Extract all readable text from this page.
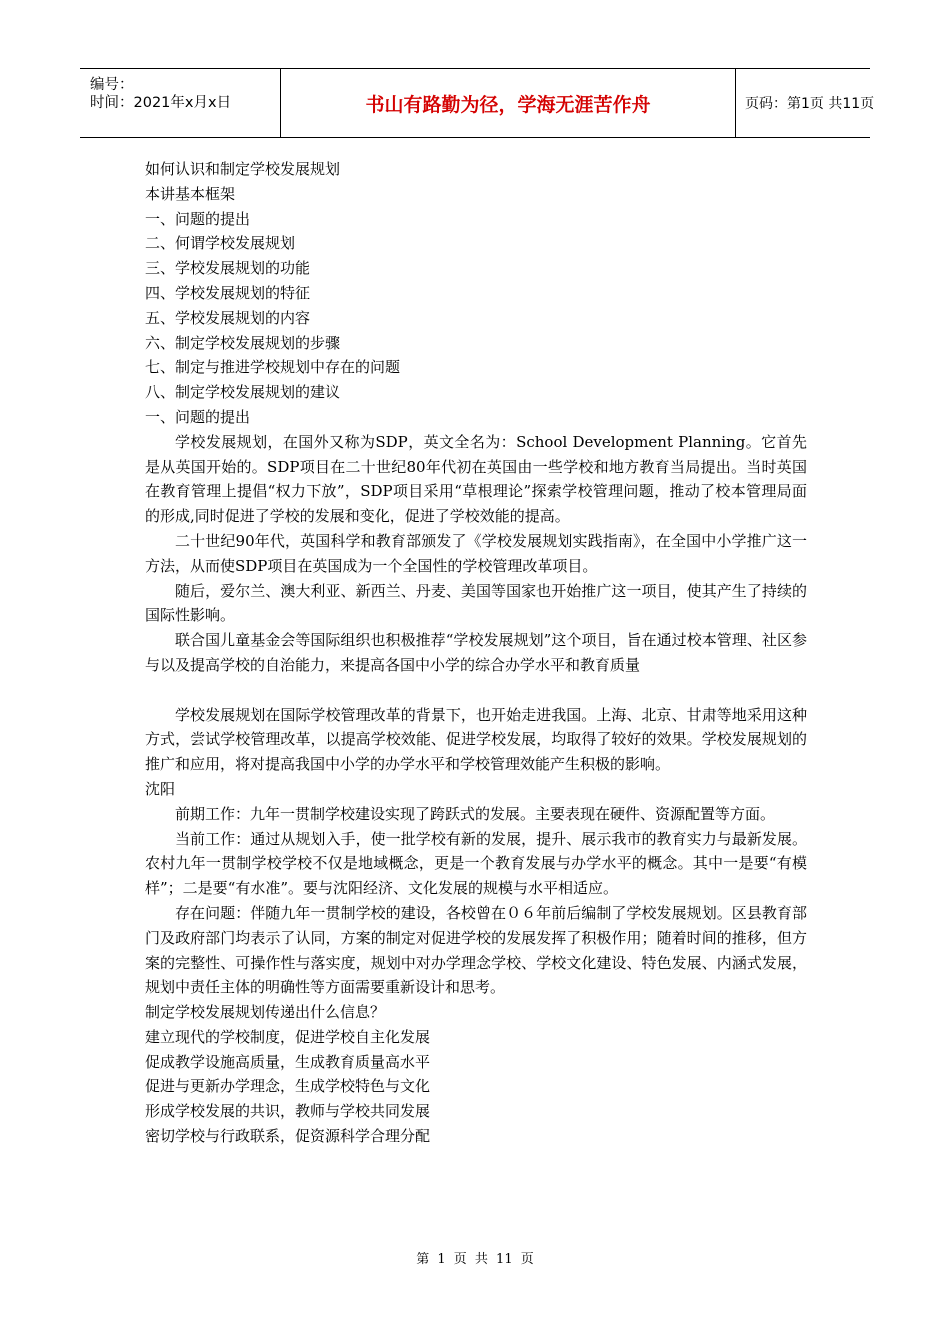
编号：
时间：2021年x月x日	书山有路勤为径，学海无涯苦作舟	页码：第1页 共11页

如何认识和制定学校发展规划

本讲基本框架

一、问题的提出

二、何谓学校发展规划

三、学校发展规划的功能

四、学校发展规划的特征

五、学校发展规划的内容

六、制定学校发展规划的步骤

七、制定与推进学校规划中存在的问题

八、制定学校发展规划的建议

一、问题的提出

学校发展规划，在国外又称为SDP，英文全名为：School Development Planning。它首先是从英国开始的。SDP项目在二十世纪80年代初在英国由一些学校和地方教育当局提出。当时英国在教育管理上提倡“权力下放”，SDP项目采用“草根理论”探索学校管理问题，推动了校本管理局面的形成,同时促进了学校的发展和变化，促进了学校效能的提高。

二十世纪90年代，英国科学和教育部颁发了《学校发展规划实践指南》，在全国中小学推广这一方法，从而使SDP项目在英国成为一个全国性的学校管理改革项目。

随后，爱尔兰、澳大利亚、新西兰、丹麦、美国等国家也开始推广这一项目，使其产生了持续的国际性影响。

联合国儿童基金会等国际组织也积极推荐“学校发展规划”这个项目，旨在通过校本管理、社区参与以及提高学校的自治能力，来提高各国中小学的综合办学水平和教育质量

学校发展规划在国际学校管理改革的背景下，也开始走进我国。上海、北京、甘肃等地采用这种方式，尝试学校管理改革，以提高学校效能、促进学校发展，均取得了较好的效果。学校发展规划的推广和应用，将对提高我国中小学的办学水平和学校管理效能产生积极的影响。

沈阳

前期工作：九年一贯制学校建设实现了跨跃式的发展。主要表现在硬件、资源配置等方面。

当前工作：通过从规划入手，使一批学校有新的发展，提升、展示我市的教育实力与最新发展。农村九年一贯制学校学校不仅是地域概念，更是一个教育发展与办学水平的概念。其中一是要“有模样”；二是要“有水准”。要与沈阳经济、文化发展的规模与水平相适应。

存在问题：伴随九年一贯制学校的建设，各校曾在０６年前后编制了学校发展规划。区县教育部门及政府部门均表示了认同，方案的制定对促进学校的发展发挥了积极作用；随着时间的推移，但方案的完整性、可操作性与落实度，规划中对办学理念学校、学校文化建设、特色发展、内涵式发展，规划中责任主体的明确性等方面需要重新设计和思考。

制定学校发展规划传递出什么信息？

建立现代的学校制度，促进学校自主化发展

促成教学设施高质量，生成教育质量高水平

促进与更新办学理念，生成学校特色与文化

形成学校发展的共识，教师与学校共同发展

密切学校与行政联系，促资源科学合理分配

第 1 页 共 11 页
